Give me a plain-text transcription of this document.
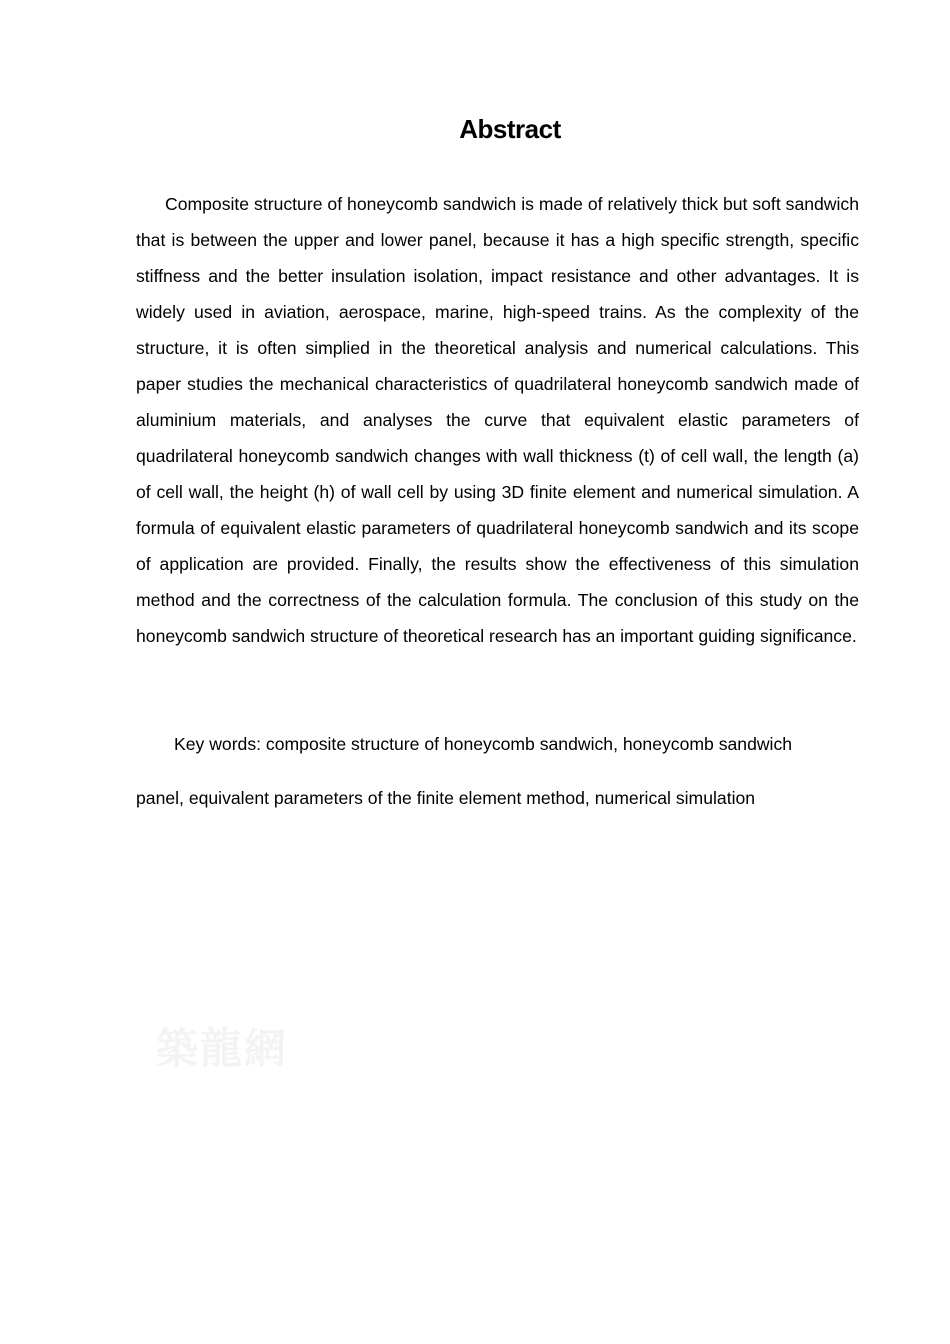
Abstract

Composite structure of honeycomb sandwich is made of relatively thick but soft sandwich that is between the upper and lower panel, because it has a high specific strength, specific stiffness and the better insulation isolation, impact resistance and other advantages. It is widely used in aviation, aerospace, marine, high-speed trains. As the complexity of the structure, it is often simplied in the theoretical analysis and numerical calculations. This paper studies the mechanical characteristics of quadrilateral honeycomb sandwich made of aluminium materials, and analyses the curve that equivalent elastic parameters of quadrilateral honeycomb sandwich changes with wall thickness (t) of cell wall, the length (a) of cell wall, the height (h) of wall cell by using 3D finite element and numerical simulation. A formula of equivalent elastic parameters of quadrilateral honeycomb sandwich and its scope of application are provided. Finally, the results show the effectiveness of this simulation method and the correctness of the calculation formula. The conclusion of this study on the honeycomb sandwich structure of theoretical research has an important guiding significance.

Key words: composite structure of honeycomb sandwich, honeycomb sandwich

panel, equivalent parameters of the finite element method, numerical simulation

築龍網
